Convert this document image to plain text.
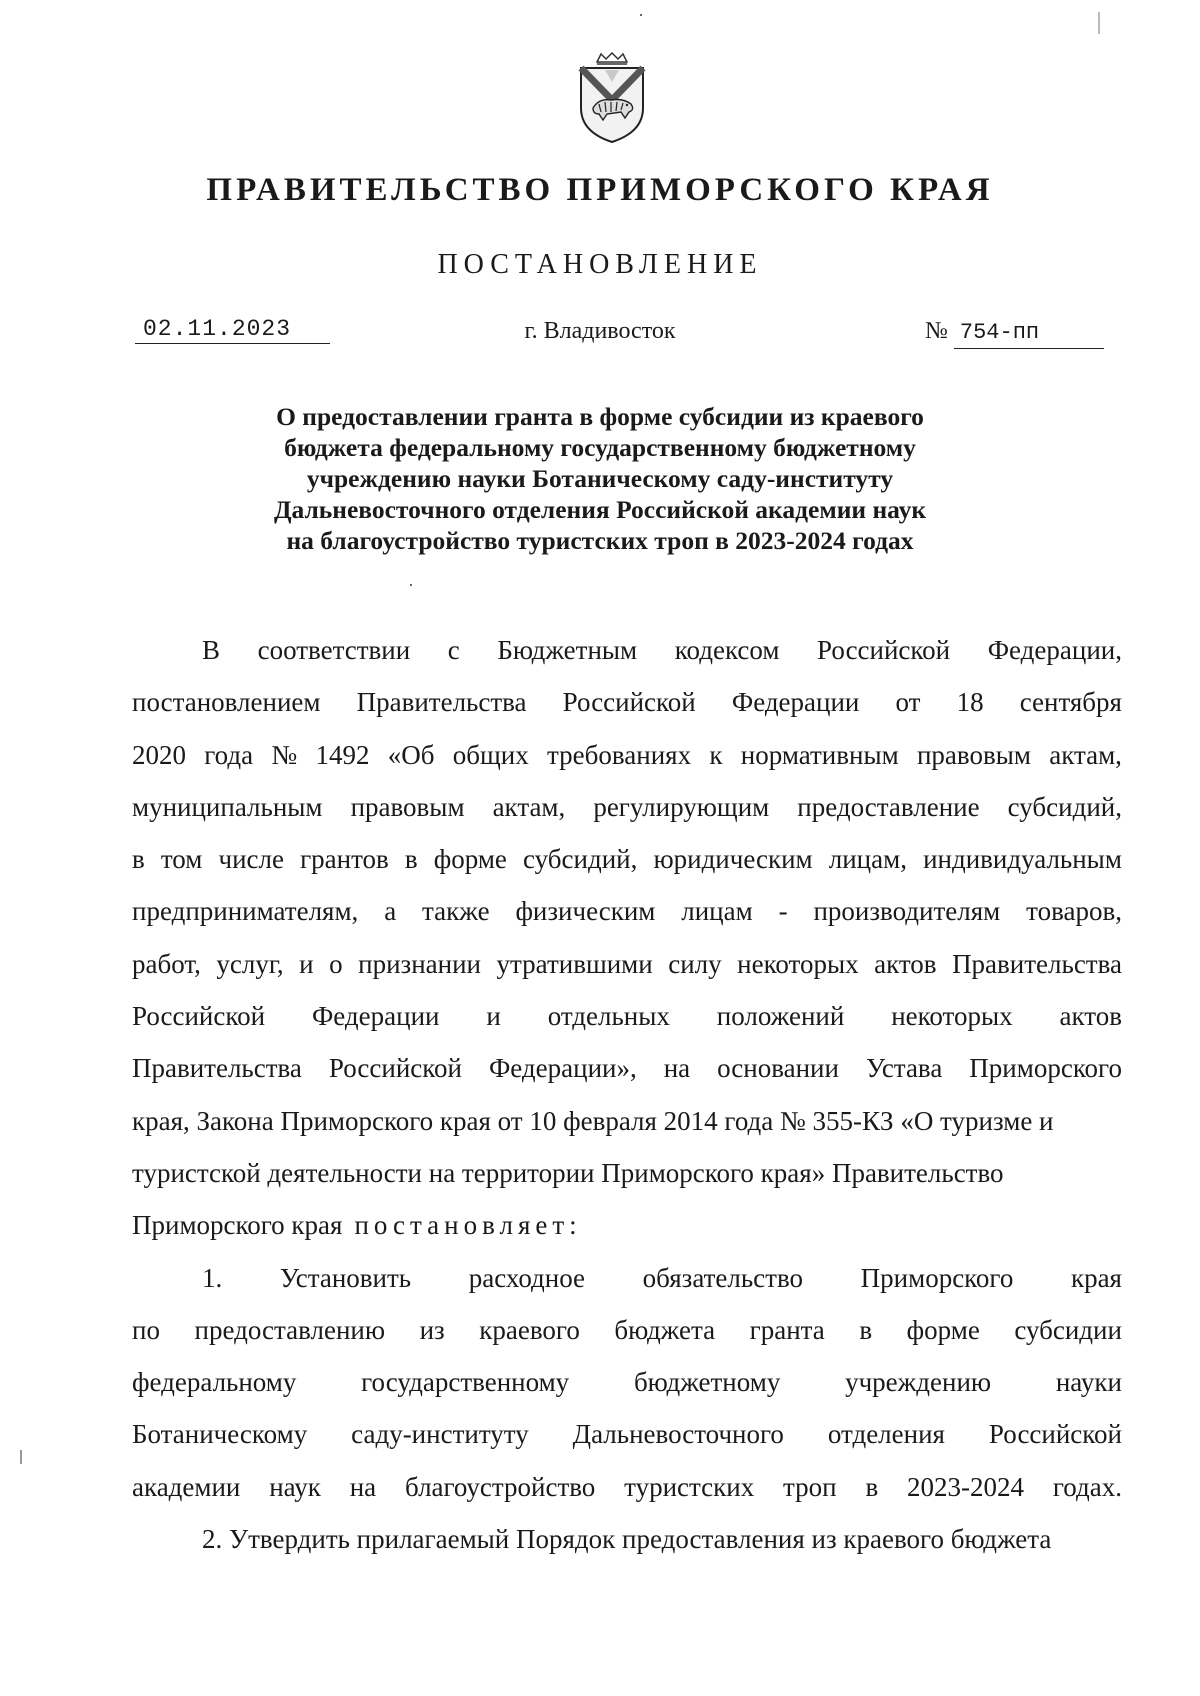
ПРАВИТЕЛЬСТВО ПРИМОРСКОГО КРАЯ
ПОСТАНОВЛЕНИЕ
02.11.2023	г. Владивосток	№ 754-пп
О предоставлении гранта в форме субсидии из краевого
бюджета федеральному государственному бюджетному
учреждению науки Ботаническому саду-институту
Дальневосточного отделения Российской академии наук
на благоустройство туристских троп в 2023-2024 годах
В соответствии с Бюджетным кодексом Российской Федерации,
постановлением Правительства Российской Федерации от 18 сентября
2020 года № 1492 «Об общих требованиях к нормативным правовым актам,
муниципальным правовым актам, регулирующим предоставление субсидий,
в том числе грантов в форме субсидий, юридическим лицам, индивидуальным
предпринимателям, а также физическим лицам - производителям товаров,
работ, услуг, и о признании утратившими силу некоторых актов Правительства
Российской Федерации и отдельных положений некоторых актов
Правительства Российской Федерации», на основании Устава Приморского
края, Закона Приморского края от 10 февраля 2014 года № 355-КЗ «О туризме и
туристской деятельности на территории Приморского края» Правительство
Приморского края постановляет:
1. Установить расходное обязательство Приморского края
по предоставлению из краевого бюджета гранта в форме субсидии
федеральному государственному бюджетному учреждению науки
Ботаническому саду-институту Дальневосточного отделения Российской
академии наук на благоустройство туристских троп в 2023-2024 годах.
2. Утвердить прилагаемый Порядок предоставления из краевого бюджета
